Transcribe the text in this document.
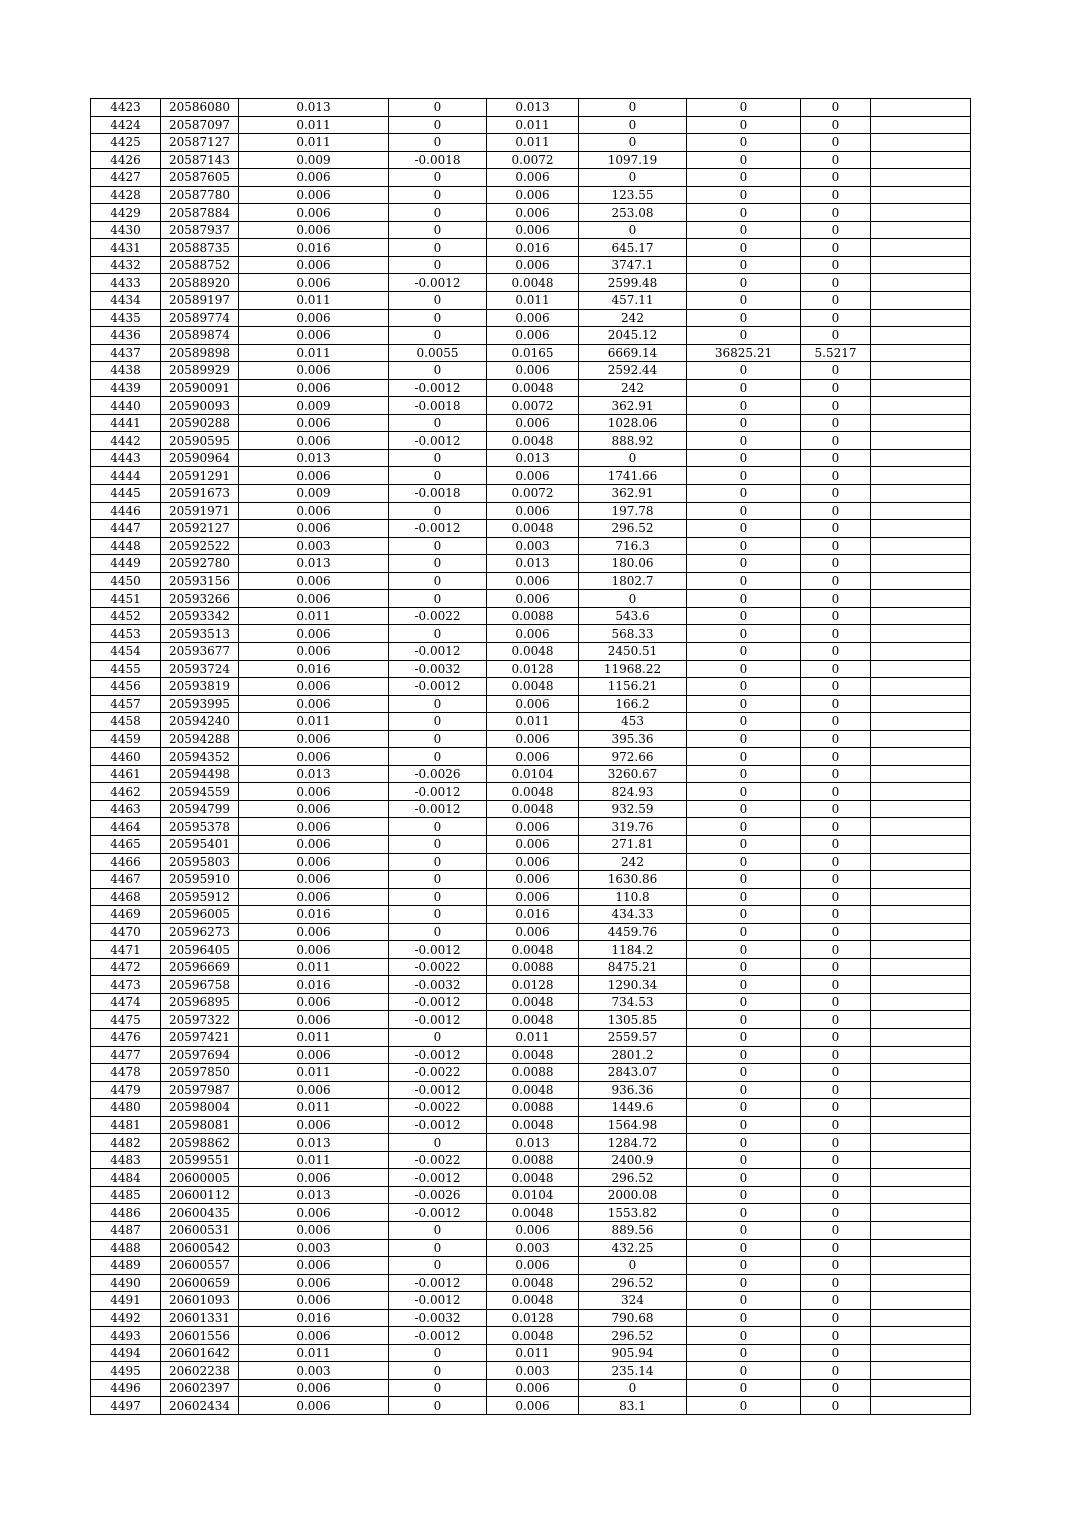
4423	20586080	0.013	0	0.013	0	0	0	
4424	20587097	0.011	0	0.011	0	0	0	
4425	20587127	0.011	0	0.011	0	0	0	
4426	20587143	0.009	-0.0018	0.0072	1097.19	0	0	
4427	20587605	0.006	0	0.006	0	0	0	
4428	20587780	0.006	0	0.006	123.55	0	0	
4429	20587884	0.006	0	0.006	253.08	0	0	
4430	20587937	0.006	0	0.006	0	0	0	
4431	20588735	0.016	0	0.016	645.17	0	0	
4432	20588752	0.006	0	0.006	3747.1	0	0	
4433	20588920	0.006	-0.0012	0.0048	2599.48	0	0	
4434	20589197	0.011	0	0.011	457.11	0	0	
4435	20589774	0.006	0	0.006	242	0	0	
4436	20589874	0.006	0	0.006	2045.12	0	0	
4437	20589898	0.011	0.0055	0.0165	6669.14	36825.21	5.5217	
4438	20589929	0.006	0	0.006	2592.44	0	0	
4439	20590091	0.006	-0.0012	0.0048	242	0	0	
4440	20590093	0.009	-0.0018	0.0072	362.91	0	0	
4441	20590288	0.006	0	0.006	1028.06	0	0	
4442	20590595	0.006	-0.0012	0.0048	888.92	0	0	
4443	20590964	0.013	0	0.013	0	0	0	
4444	20591291	0.006	0	0.006	1741.66	0	0	
4445	20591673	0.009	-0.0018	0.0072	362.91	0	0	
4446	20591971	0.006	0	0.006	197.78	0	0	
4447	20592127	0.006	-0.0012	0.0048	296.52	0	0	
4448	20592522	0.003	0	0.003	716.3	0	0	
4449	20592780	0.013	0	0.013	180.06	0	0	
4450	20593156	0.006	0	0.006	1802.7	0	0	
4451	20593266	0.006	0	0.006	0	0	0	
4452	20593342	0.011	-0.0022	0.0088	543.6	0	0	
4453	20593513	0.006	0	0.006	568.33	0	0	
4454	20593677	0.006	-0.0012	0.0048	2450.51	0	0	
4455	20593724	0.016	-0.0032	0.0128	11968.22	0	0	
4456	20593819	0.006	-0.0012	0.0048	1156.21	0	0	
4457	20593995	0.006	0	0.006	166.2	0	0	
4458	20594240	0.011	0	0.011	453	0	0	
4459	20594288	0.006	0	0.006	395.36	0	0	
4460	20594352	0.006	0	0.006	972.66	0	0	
4461	20594498	0.013	-0.0026	0.0104	3260.67	0	0	
4462	20594559	0.006	-0.0012	0.0048	824.93	0	0	
4463	20594799	0.006	-0.0012	0.0048	932.59	0	0	
4464	20595378	0.006	0	0.006	319.76	0	0	
4465	20595401	0.006	0	0.006	271.81	0	0	
4466	20595803	0.006	0	0.006	242	0	0	
4467	20595910	0.006	0	0.006	1630.86	0	0	
4468	20595912	0.006	0	0.006	110.8	0	0	
4469	20596005	0.016	0	0.016	434.33	0	0	
4470	20596273	0.006	0	0.006	4459.76	0	0	
4471	20596405	0.006	-0.0012	0.0048	1184.2	0	0	
4472	20596669	0.011	-0.0022	0.0088	8475.21	0	0	
4473	20596758	0.016	-0.0032	0.0128	1290.34	0	0	
4474	20596895	0.006	-0.0012	0.0048	734.53	0	0	
4475	20597322	0.006	-0.0012	0.0048	1305.85	0	0	
4476	20597421	0.011	0	0.011	2559.57	0	0	
4477	20597694	0.006	-0.0012	0.0048	2801.2	0	0	
4478	20597850	0.011	-0.0022	0.0088	2843.07	0	0	
4479	20597987	0.006	-0.0012	0.0048	936.36	0	0	
4480	20598004	0.011	-0.0022	0.0088	1449.6	0	0	
4481	20598081	0.006	-0.0012	0.0048	1564.98	0	0	
4482	20598862	0.013	0	0.013	1284.72	0	0	
4483	20599551	0.011	-0.0022	0.0088	2400.9	0	0	
4484	20600005	0.006	-0.0012	0.0048	296.52	0	0	
4485	20600112	0.013	-0.0026	0.0104	2000.08	0	0	
4486	20600435	0.006	-0.0012	0.0048	1553.82	0	0	
4487	20600531	0.006	0	0.006	889.56	0	0	
4488	20600542	0.003	0	0.003	432.25	0	0	
4489	20600557	0.006	0	0.006	0	0	0	
4490	20600659	0.006	-0.0012	0.0048	296.52	0	0	
4491	20601093	0.006	-0.0012	0.0048	324	0	0	
4492	20601331	0.016	-0.0032	0.0128	790.68	0	0	
4493	20601556	0.006	-0.0012	0.0048	296.52	0	0	
4494	20601642	0.011	0	0.011	905.94	0	0	
4495	20602238	0.003	0	0.003	235.14	0	0	
4496	20602397	0.006	0	0.006	0	0	0	
4497	20602434	0.006	0	0.006	83.1	0	0	
